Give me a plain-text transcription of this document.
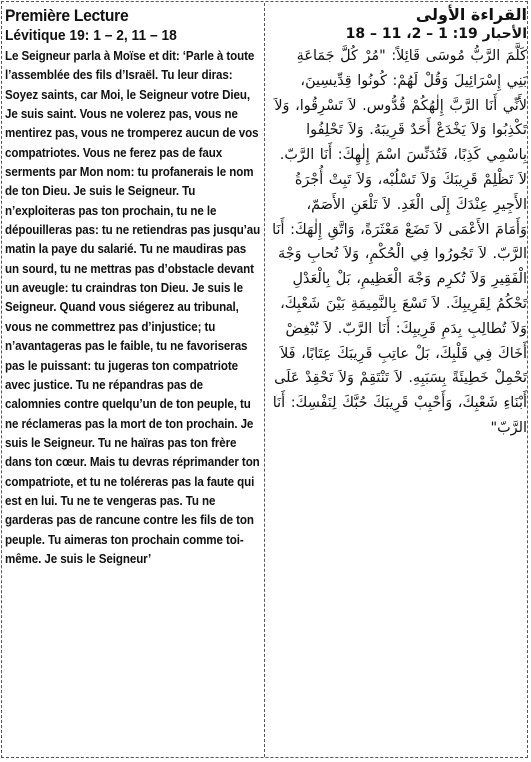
Première Lecture
Lévitique 19: 1 – 2, 11 – 18
Le Seigneur parla à Moïse et dit: ‘Parle à toute l’assemblée des fils d’Israël. Tu leur diras: Soyez saints, car Moi, le Seigneur votre Dieu, Je suis saint. Vous ne volerez pas, vous ne mentirez pas, vous ne tromperez aucun de vos compatriotes. Vous ne ferez pas de faux serments par Mon nom: tu profanerais le nom de ton Dieu. Je suis le Seigneur. Tu n’exploiteras pas ton prochain, tu ne le dépouilleras pas: tu ne retiendras pas jusqu’au matin la paye du salarié. Tu ne maudiras pas un sourd, tu ne mettras pas d’obstacle devant un aveugle: tu craindras ton Dieu. Je suis le Seigneur. Quand vous siégerez au tribunal, vous ne commettrez pas d’injustice; tu n’avantageras pas le faible, tu ne favoriseras pas le puissant: tu jugeras ton compatriote avec justice. Tu ne répandras pas de calomnies contre quelqu’un de ton peuple, tu ne réclameras pas la mort de ton prochain. Je suis le Seigneur. Tu ne haïras pas ton frère dans ton cœur. Mais tu devras réprimander ton compatriote, et tu ne toléreras pas la faute qui est en lui. Tu ne te vengeras pas. Tu ne garderas pas de rancune contre les fils de ton peuple. Tu aimeras ton prochain comme toi-même. Je suis le Seigneur’
القراءة الأولى
الأحبار 19: 1 – 2، 11 – 18
كَلَّمَ الرَّبُّ مُوسَى قَائِلاً: "مُرْ كُلَّ جَمَاعَةِ بَنِي إِسْرَائِيلَ وَقُلْ لَهُمْ: كُونُوا قِدِّيسِينَ، لأَنِّي أَنَا الرَّبَّ إِلٰهُكُمْ قُدُّوس. لاَ تَسْرِقُوا، وَلاَ تَكْذِبُوا وَلاَ يَخْدَعْ أَحَدٌ قَرِيبَهُ. وَلاَ تَحْلِفُوا بِاسْمِي كَذِبًا، فَتُدَنِّسَ اسْمَ إِلٰهِكَ: أَنَا الرَّبّ. لاَ تَظْلِمْ قَرِيبَكَ وَلاَ تَسْلُبْه، وَلاَ تَبِتْ أُجْرَةُ الأَجِيرِ عِنْدَكَ إِلَى الْغَدِ. لاَ تَلْعَنِ الأَصَمّ، وَأَمَامَ الأَعْمَى لاَ تَضَعْ مَعْثَرَةً، وَاتَّقِ إِلٰهَكَ: أَنَا الرَّبّ. لاَ تَجُورُوا فِي الْحُكْمِ، وَلاَ تُحابِ وَجْهَ الْفَقِيرِ وَلاَ تُكرِم وَجْهَ الْعَظِيمِ، بَلْ بِالْعَدْلِ تَحْكُمُ لِقَرِيبِكَ. لاَ تَسْعَ بِالنَّمِيمَةِ بَيْنَ شَعْبِكَ، وَلاَ تُطالِبِ بِدَمِ قَرِيبِكَ: أَنَا الرَّبّ. لاَ تُبْغِضْ أَخَاكَ فِي قَلْبِكَ، بَلْ عاتِبِ قَرِيبَكَ عِتَابًا، فَلاَ تَحْمِلْ خَطِيئَةً بِسَبَبِهِ. لاَ تَنْتَقِمْ وَلاَ تَحْقِدْ عَلَى أَبْنَاءِ شَعْبِكَ، وَأَحْبِبْ قَرِيبَكَ حُبَّكَ لِنَفْسِكَ: أَنَا الرَّبّ"
